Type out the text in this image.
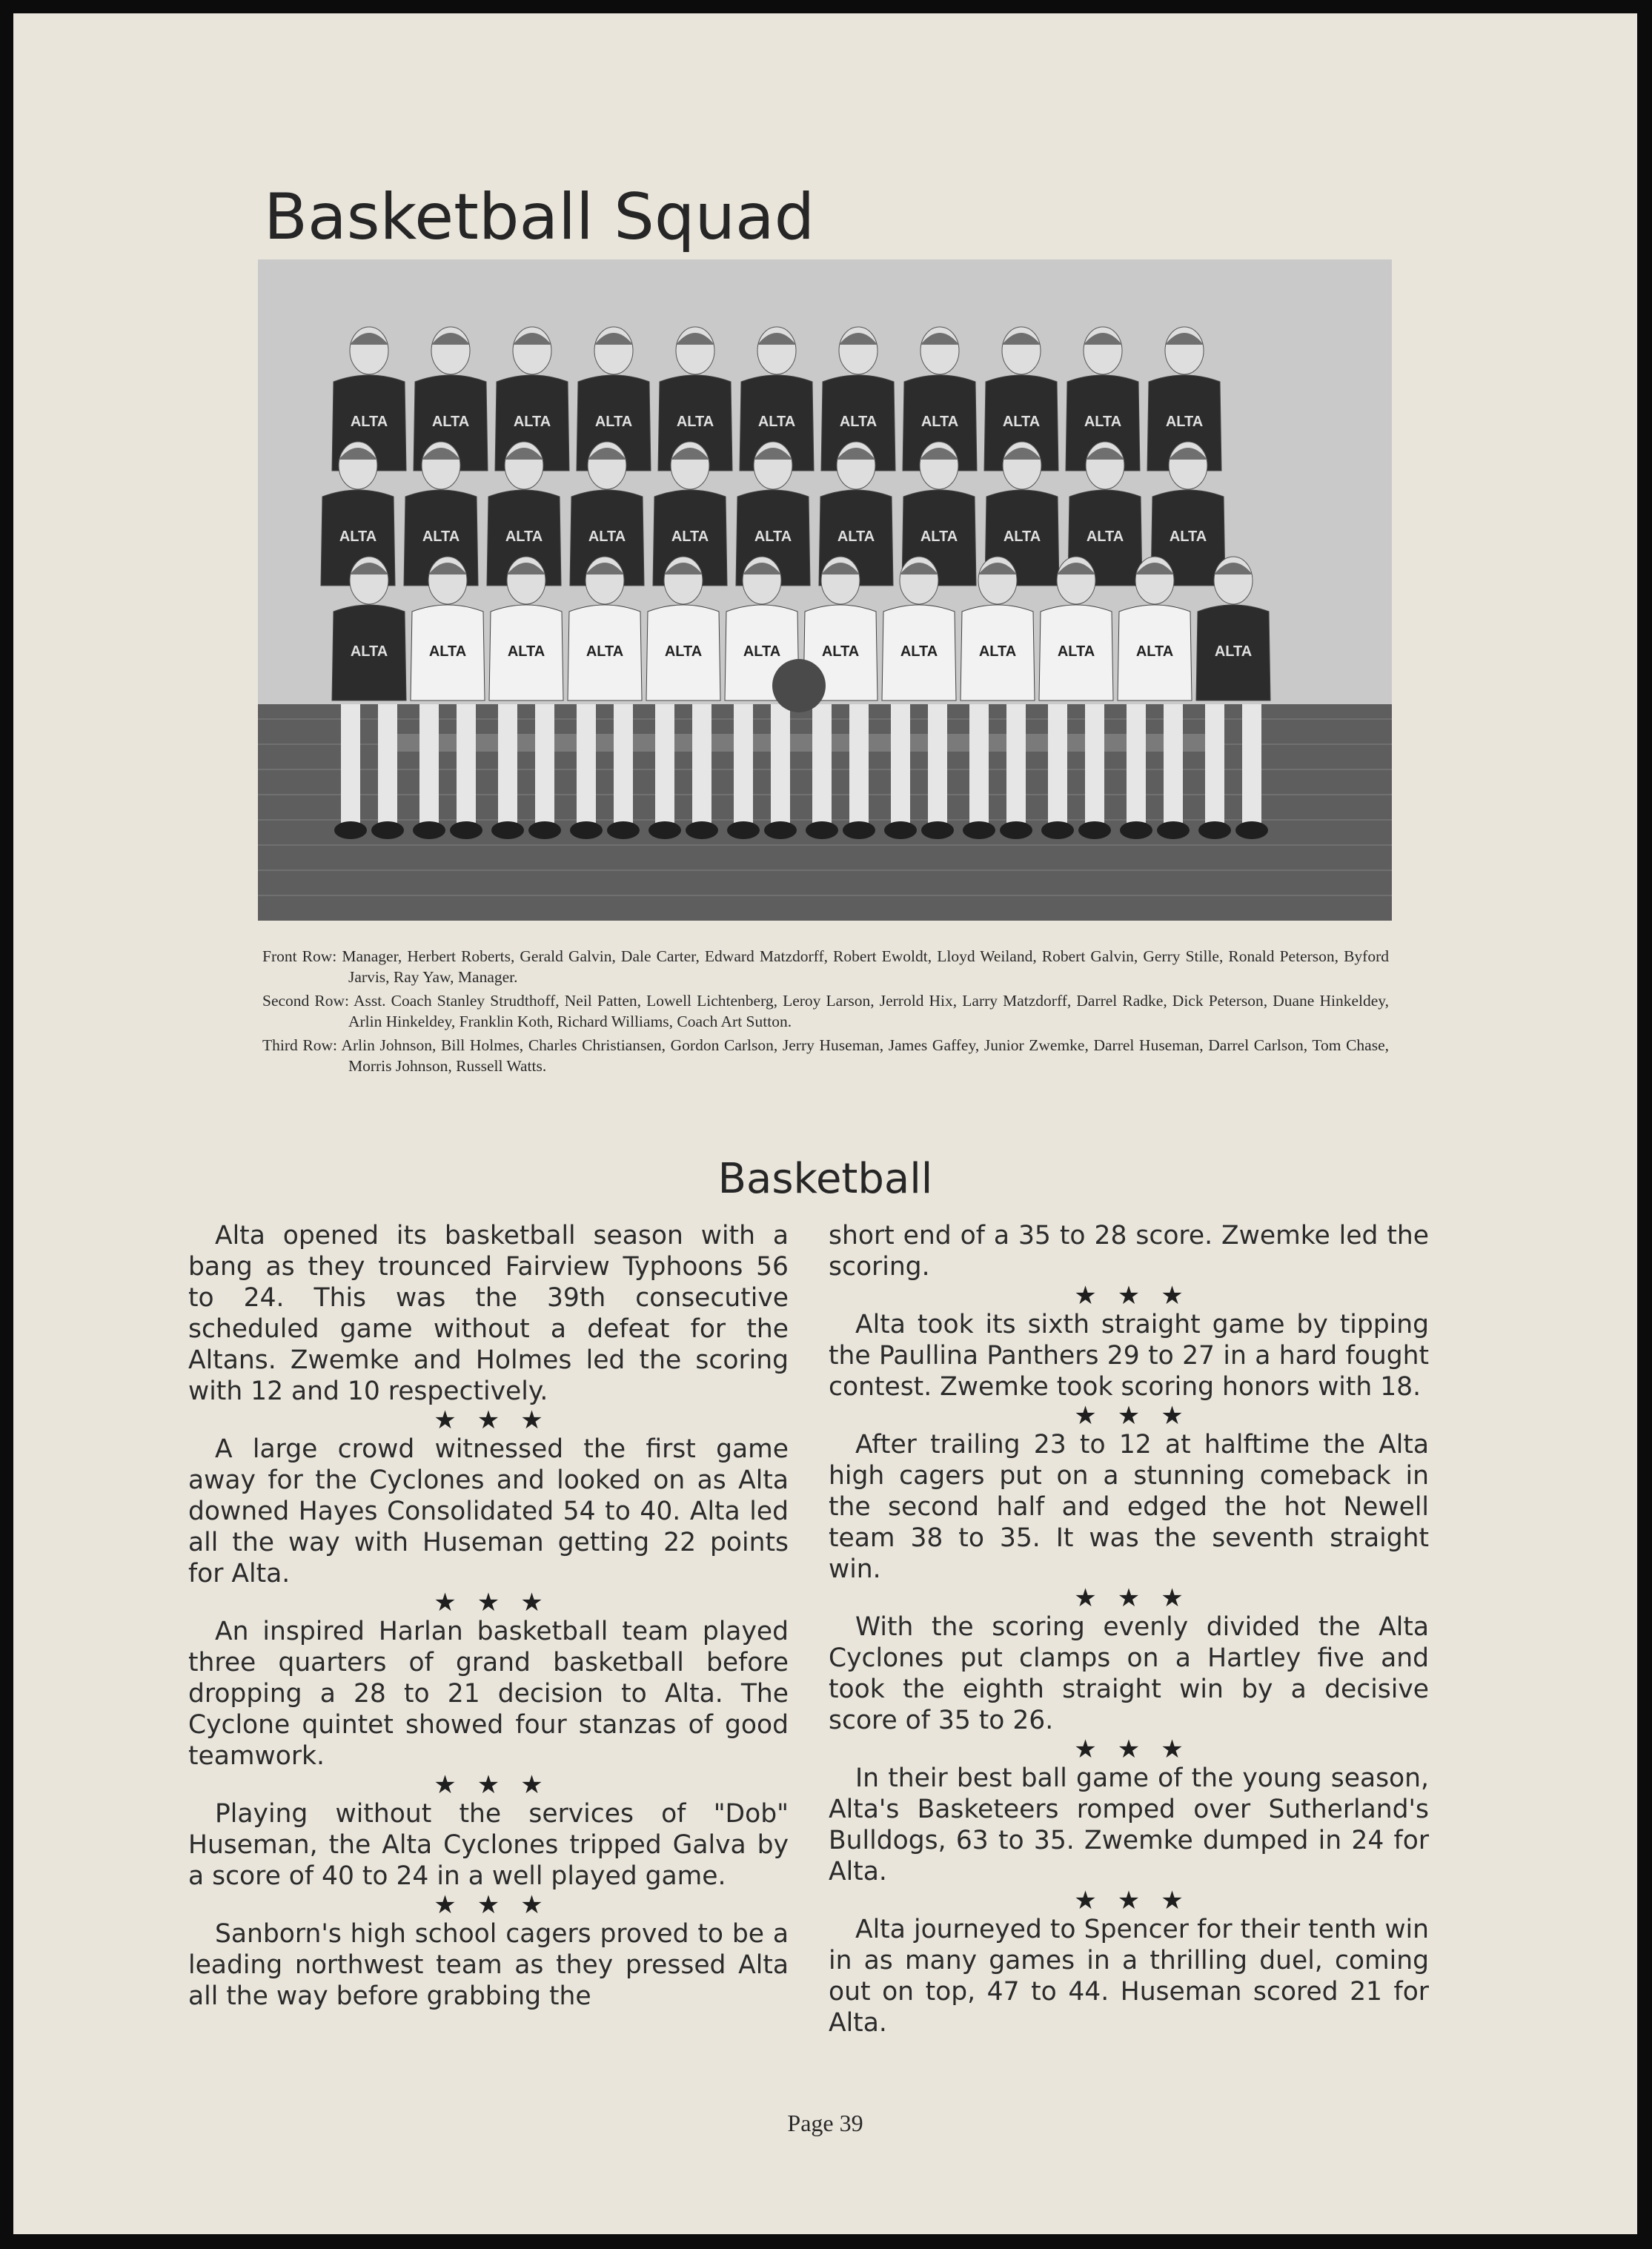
Basketball Squad
ALTA	ALTA	ALTA	ALTA	ALTA	ALTA	ALTA	ALTA	ALTA	ALTA	ALTA
ALTA	ALTA	ALTA	ALTA	ALTA	ALTA	ALTA	ALTA	ALTA	ALTA	ALTA
ALTA	ALTA	ALTA	ALTA	ALTA	ALTA	ALTA	ALTA	ALTA	ALTA	ALTA	ALTA

Front Row: Manager, Herbert Roberts, Gerald Galvin, Dale Carter, Edward Matzdorff, Robert Ewoldt, Lloyd Weiland, Robert Galvin, Gerry Stille, Ronald Peterson, Byford Jarvis, Ray Yaw, Manager.

Second Row: Asst. Coach Stanley Strudthoff, Neil Patten, Lowell Lichtenberg, Leroy Larson, Jerrold Hix, Larry Matzdorff, Darrel Radke, Dick Peterson, Duane Hinkeldey, Arlin Hinkeldey, Franklin Koth, Richard Williams, Coach Art Sutton.

Third Row: Arlin Johnson, Bill Holmes, Charles Christiansen, Gordon Carlson, Jerry Huseman, James Gaffey, Junior Zwemke, Darrel Huseman, Darrel Carlson, Tom Chase, Morris Johnson, Russell Watts.

Basketball

Alta opened its basketball season with a bang as they trounced Fairview Typhoons 56 to 24. This was the 39th consecutive scheduled game without a defeat for the Altans. Zwemke and Holmes led the scoring with 12 and 10 respectively.

★★★

A large crowd witnessed the first game away for the Cyclones and looked on as Alta downed Hayes Consolidated 54 to 40. Alta led all the way with Huseman getting 22 points for Alta.

★★★

An inspired Harlan basketball team played three quarters of grand basketball before dropping a 28 to 21 decision to Alta. The Cyclone quintet showed four stanzas of good teamwork.

★★★

Playing without the services of "Dob" Huseman, the Alta Cyclones tripped Galva by a score of 40 to 24 in a well played game.

★★★

Sanborn's high school cagers proved to be a leading northwest team as they pressed Alta all the way before grabbing the

short end of a 35 to 28 score. Zwemke led the scoring.

★★★

Alta took its sixth straight game by tipping the Paullina Panthers 29 to 27 in a hard fought contest. Zwemke took scoring honors with 18.

★★★

After trailing 23 to 12 at halftime the Alta high cagers put on a stunning comeback in the second half and edged the hot Newell team 38 to 35. It was the seventh straight win.

★★★

With the scoring evenly divided the Alta Cyclones put clamps on a Hartley five and took the eighth straight win by a decisive score of 35 to 26.

★★★

In their best ball game of the young season, Alta's Basketeers romped over Sutherland's Bulldogs, 63 to 35. Zwemke dumped in 24 for Alta.

★★★

Alta journeyed to Spencer for their tenth win in as many games in a thrilling duel, coming out on top, 47 to 44. Huseman scored 21 for Alta.

Page 39
